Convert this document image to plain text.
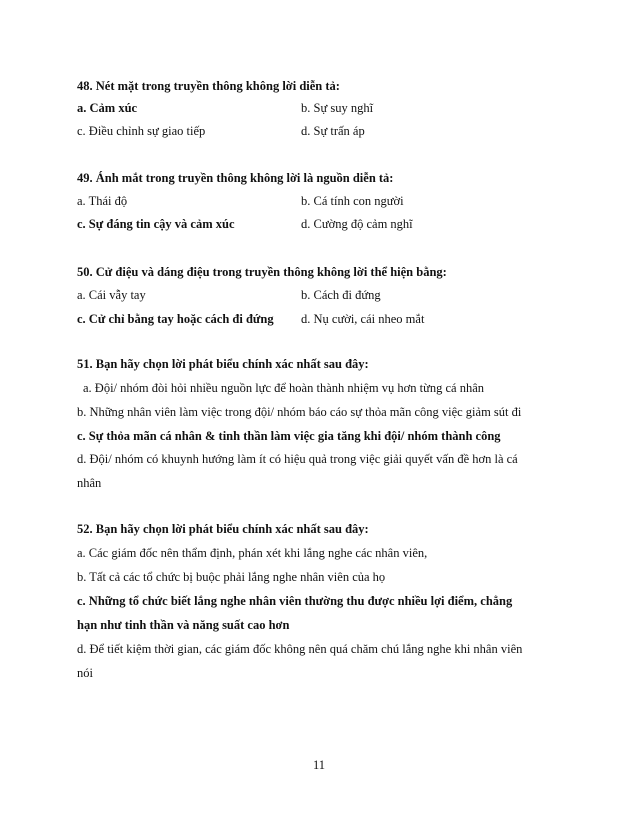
48. Nét mặt trong truyền thông không lời diễn tả:
a. Cảm xúc	b. Sự suy nghĩ
c. Điều chỉnh sự giao tiếp	d. Sự trấn áp
49. Ánh mắt trong truyền thông không lời là nguồn diễn tả:
a. Thái độ	b. Cá tính con người
c. Sự đáng tin cậy và cảm xúc	d. Cường độ cảm nghĩ
50. Cử điệu và dáng điệu trong truyền thông không lời thể hiện bằng:
a. Cái vẫy tay	b. Cách đi đứng
c. Cử chỉ bằng tay hoặc cách đi đứng d. Nụ cười, cái nheo mắt
51. Bạn hãy chọn lời phát biểu chính xác nhất sau đây:
a. Đội/ nhóm đòi hỏi nhiều nguồn lực để hoàn thành nhiệm vụ hơn từng cá nhân
b. Những nhân viên làm việc trong đội/ nhóm báo cáo sự thỏa mãn công việc giảm sút đi
c. Sự thỏa mãn cá nhân & tinh thần làm việc gia tăng khi đội/ nhóm thành công
d. Đội/ nhóm có khuynh hướng làm ít có hiệu quả trong việc giải quyết vấn đề hơn là cá
nhân
52. Bạn hãy chọn lời phát biểu chính xác nhất sau đây:
a. Các giám đốc nên thẩm định, phán xét khi lắng nghe các nhân viên,
b. Tất cả các tổ chức bị buộc phải lắng nghe nhân viên của họ
c. Những tổ chức biết lắng nghe nhân viên thường thu được nhiều lợi điểm, chẳng
hạn như tinh thần và năng suất cao hơn
d. Để tiết kiệm thời gian, các giám đốc không nên quá chăm chú lắng nghe khi nhân viên
nói
11
